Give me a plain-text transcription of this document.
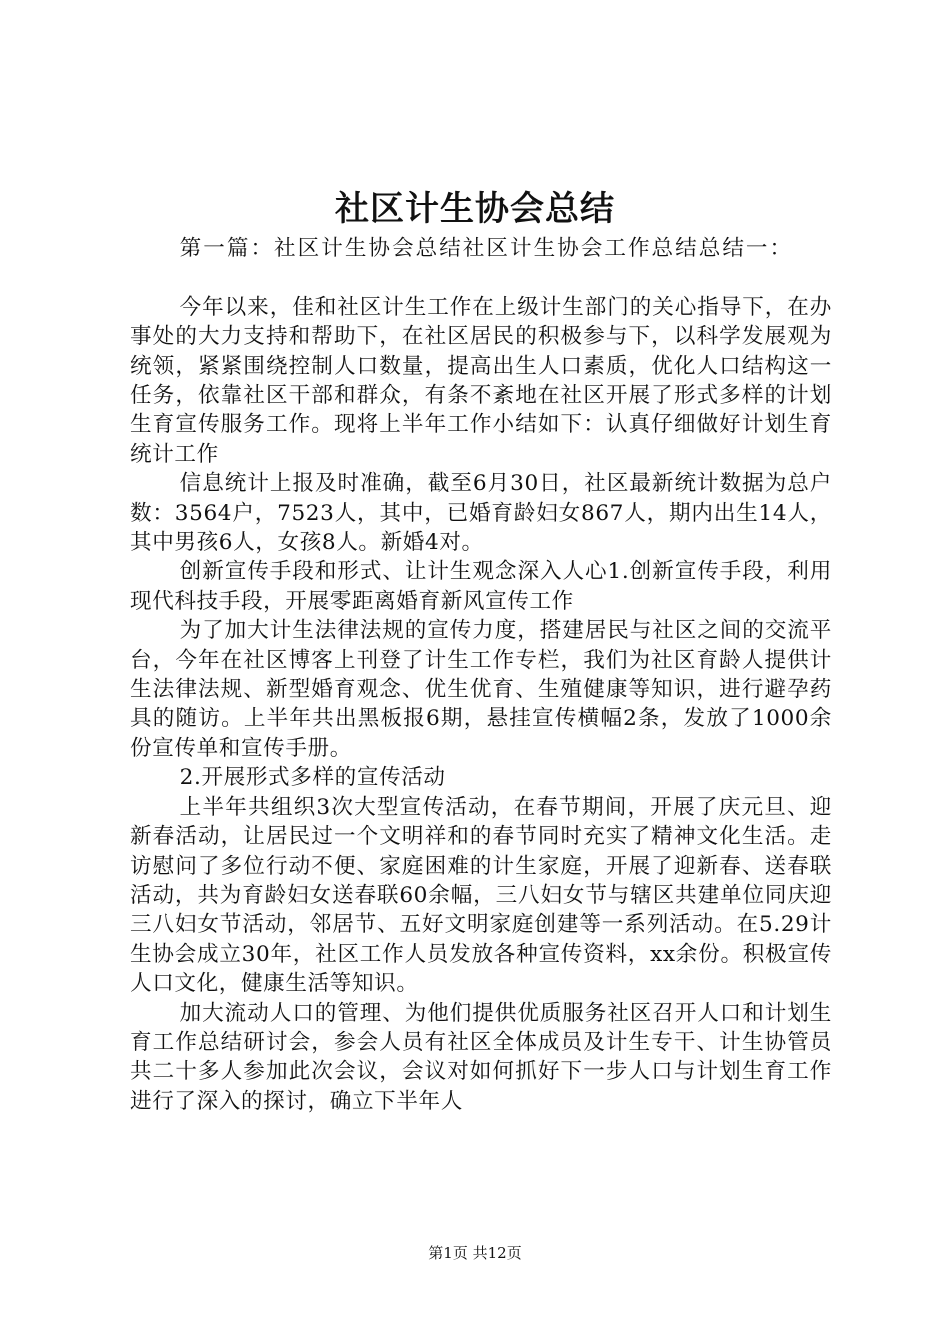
社区计生协会总结

第一篇：社区计生协会总结社区计生协会工作总结总结一：

今年以来，佳和社区计生工作在上级计生部门的关心指导下，在办事处的大力支持和帮助下，在社区居民的积极参与下，以科学发展观为统领，紧紧围绕控制人口数量，提高出生人口素质，优化人口结构这一任务，依靠社区干部和群众，有条不紊地在社区开展了形式多样的计划生育宣传服务工作。现将上半年工作小结如下：认真仔细做好计划生育统计工作

信息统计上报及时准确，截至6月30日，社区最新统计数据为总户数：3564户，7523人，其中，已婚育龄妇女867人，期内出生14人，其中男孩6人，女孩8人。新婚4对。

创新宣传手段和形式、让计生观念深入人心1.创新宣传手段，利用现代科技手段，开展零距离婚育新风宣传工作

为了加大计生法律法规的宣传力度，搭建居民与社区之间的交流平台，今年在社区博客上刊登了计生工作专栏，我们为社区育龄人提供计生法律法规、新型婚育观念、优生优育、生殖健康等知识，进行避孕药具的随访。上半年共出黑板报6期，悬挂宣传横幅2条，发放了1000余份宣传单和宣传手册。

2.开展形式多样的宣传活动

上半年共组织3次大型宣传活动，在春节期间，开展了庆元旦、迎新春活动，让居民过一个文明祥和的春节同时充实了精神文化生活。走访慰问了多位行动不便、家庭困难的计生家庭，开展了迎新春、送春联活动，共为育龄妇女送春联60余幅，三八妇女节与辖区共建单位同庆迎三八妇女节活动，邻居节、五好文明家庭创建等一系列活动。在5.29计生协会成立30年，社区工作人员发放各种宣传资料，xx余份。积极宣传人口文化，健康生活等知识。

加大流动人口的管理、为他们提供优质服务社区召开人口和计划生育工作总结研讨会，参会人员有社区全体成员及计生专干、计生协管员共二十多人参加此次会议，会议对如何抓好下一步人口与计划生育工作进行了深入的探讨，确立下半年人

第1页 共12页
